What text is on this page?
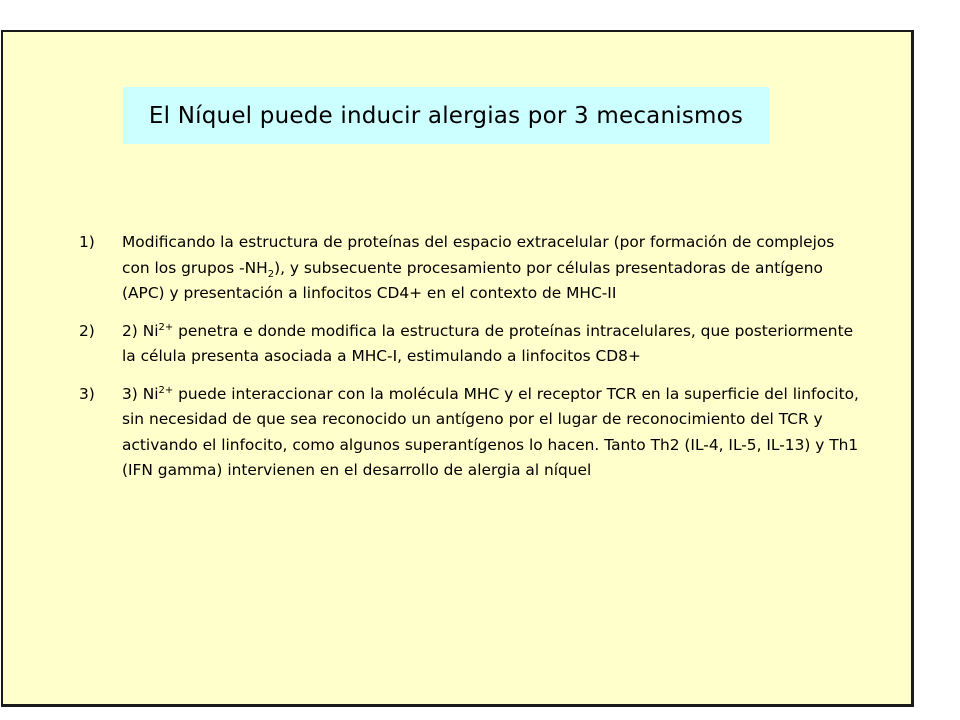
El Níquel puede inducir alergias por 3 mecanismos
1) Modificando la estructura de proteínas del espacio extracelular (por formación de complejos con los grupos $-NH_2$), y subsecuente procesamiento por células presentadoras de antígeno (APC) y presentación a linfocitos CD4+ en el contexto de MHC-II
2) 2) $Ni^{2+}$ penetra e donde modifica la estructura de proteínas intracelulares, que posteriormente la célula presenta asociada a MHC-I, estimulando a linfocitos CD8+
3) 3) $Ni^{2+}$ puede interaccionar con la molécula MHC y el receptor TCR en la superficie del linfocito, sin necesidad de que sea reconocido un antígeno por el lugar de reconocimiento del TCR y activando el linfocito, como algunos superantígenos lo hacen. Tanto Th2 (IL-4, IL-5, IL-13) y Th1 (IFN gamma) intervienen en el desarrollo de alergia al níquel
